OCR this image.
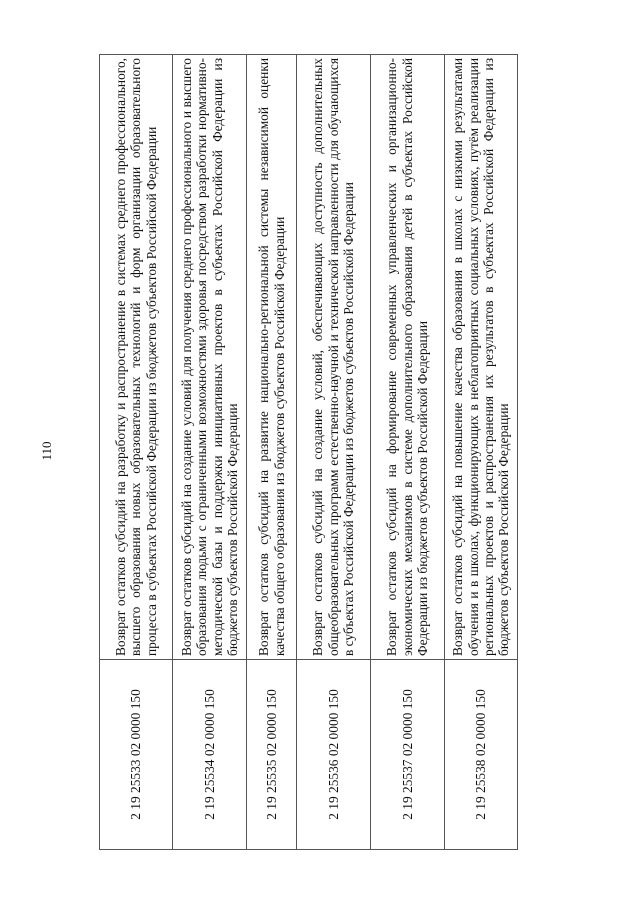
110
2 19 25533 02 0000 150	Возврат остатков субсидий на разработку и распространение в системах среднего профессионального, высшего образования новых образовательных технологий и форм организации образовательного процесса в субъектах Российской Федерации из бюджетов субъектов Российской Федерации
2 19 25534 02 0000 150	Возврат остатков субсидий на создание условий для получения среднего профессионального и высшего образования людьми с ограниченными возможностями здоровья посредством разработки нормативно-методической базы и поддержки инициативных проектов в субъектах Российской Федерации из бюджетов субъектов Российской Федерации
2 19 25535 02 0000 150	Возврат остатков субсидий на развитие национально-региональной системы независимой оценки качества общего образования из бюджетов субъектов Российской Федерации
2 19 25536 02 0000 150	Возврат остатков субсидий на создание условий, обеспечивающих доступность дополнительных общеобразовательных программ естественно-научной и технической направленности для обучающихся в субъектах Российской Федерации из бюджетов субъектов Российской Федерации
2 19 25537 02 0000 150	Возврат остатков субсидий на формирование современных управленческих и организационно-экономических механизмов в системе дополнительного образования детей в субъектах Российской Федерации из бюджетов субъектов Российской Федерации
2 19 25538 02 0000 150	Возврат остатков субсидий на повышение качества образования в школах с низкими результатами обучения и в школах, функционирующих в неблагоприятных социальных условиях, путём реализации региональных проектов и распространения их результатов в субъектах Российской Федерации из бюджетов субъектов Российской Федерации
